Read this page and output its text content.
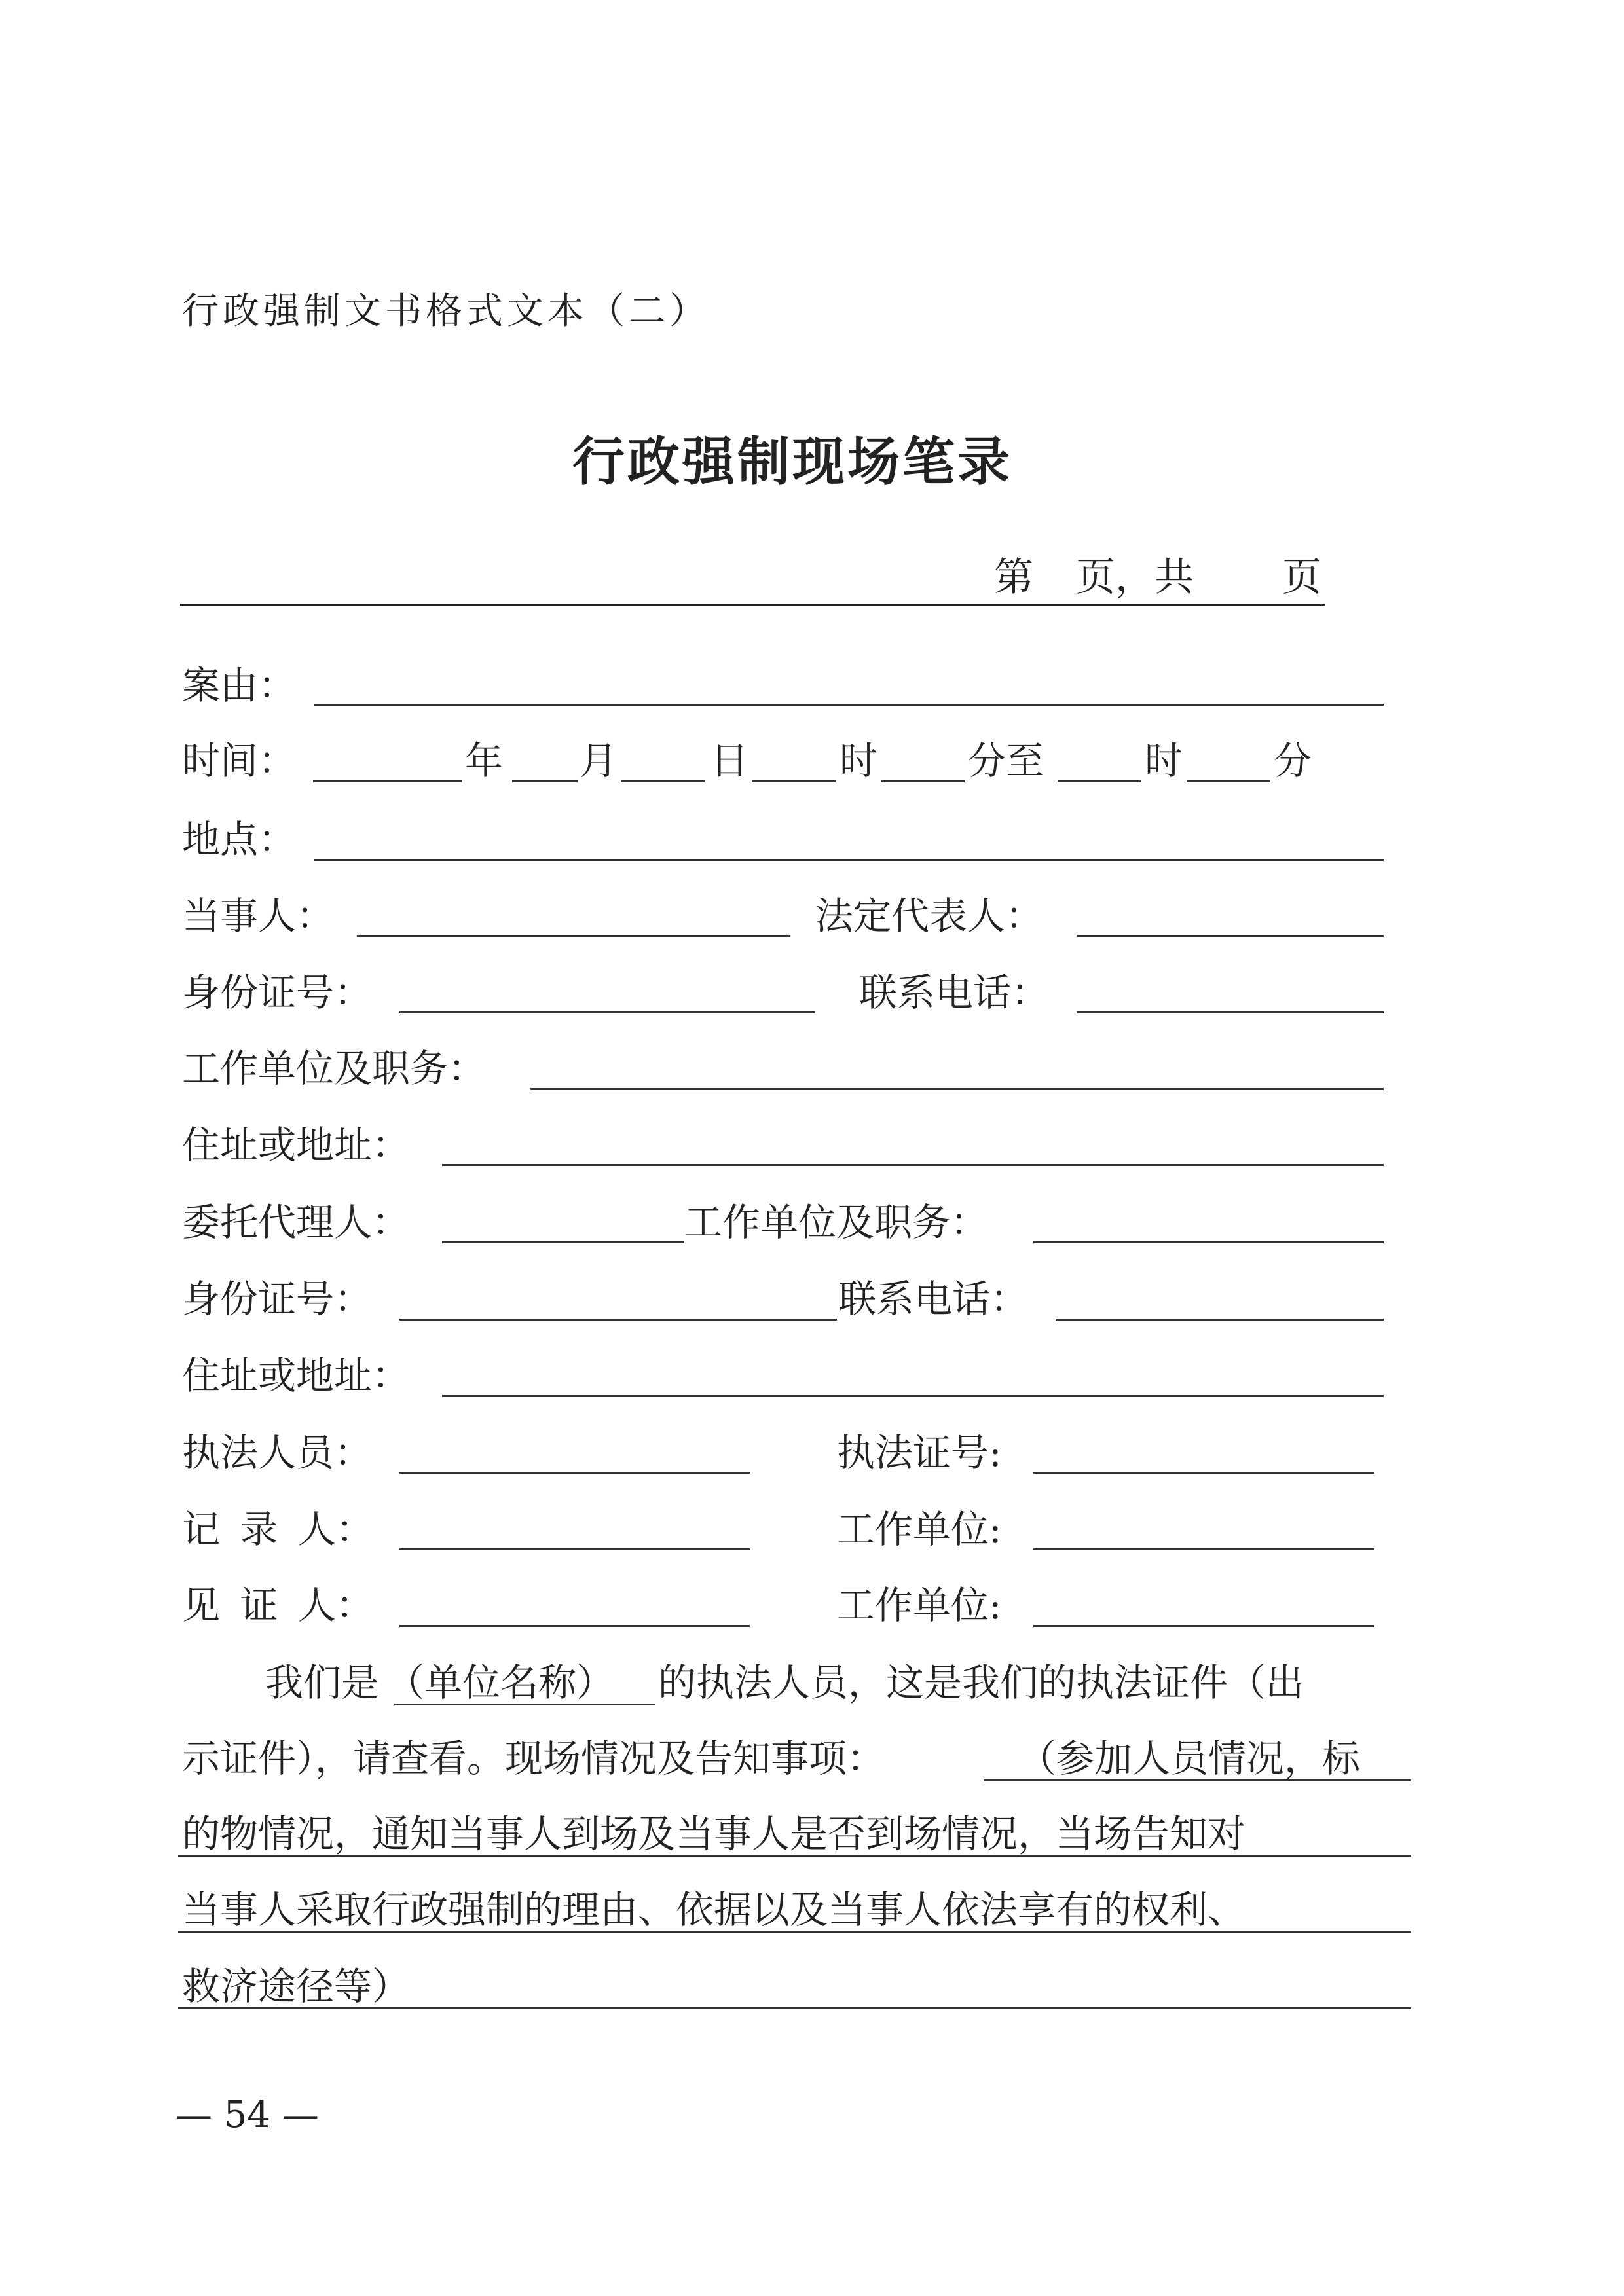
行政强制文书格式文本（二）
行政强制现场笔录
第 页，共 页
案由：
时间：	年 月 日 时 分至	时 分
地点：
当事人：	法定代表人：
身份证号：	联系电话：
工作单位及职务：
住址或地址：
委托代理人：	工作单位及职务：
身份证号：	联系电话：
住址或地址：
执法人员：	执法证号:
记 录 人：	工作单位:
见 证 人：	工作单位:
我们是 （单位名称） 的执法人员，这是我们的执法证件（出
示证件），请查看。现场情况及告知事项：	（参加人员情况，标
的物情况，通知当事人到场及当事人是否到场情况，当场告知对
当事人采取行政强制的理由、依据以及当事人依法享有的权利、
救济途径等）
— 54 —
